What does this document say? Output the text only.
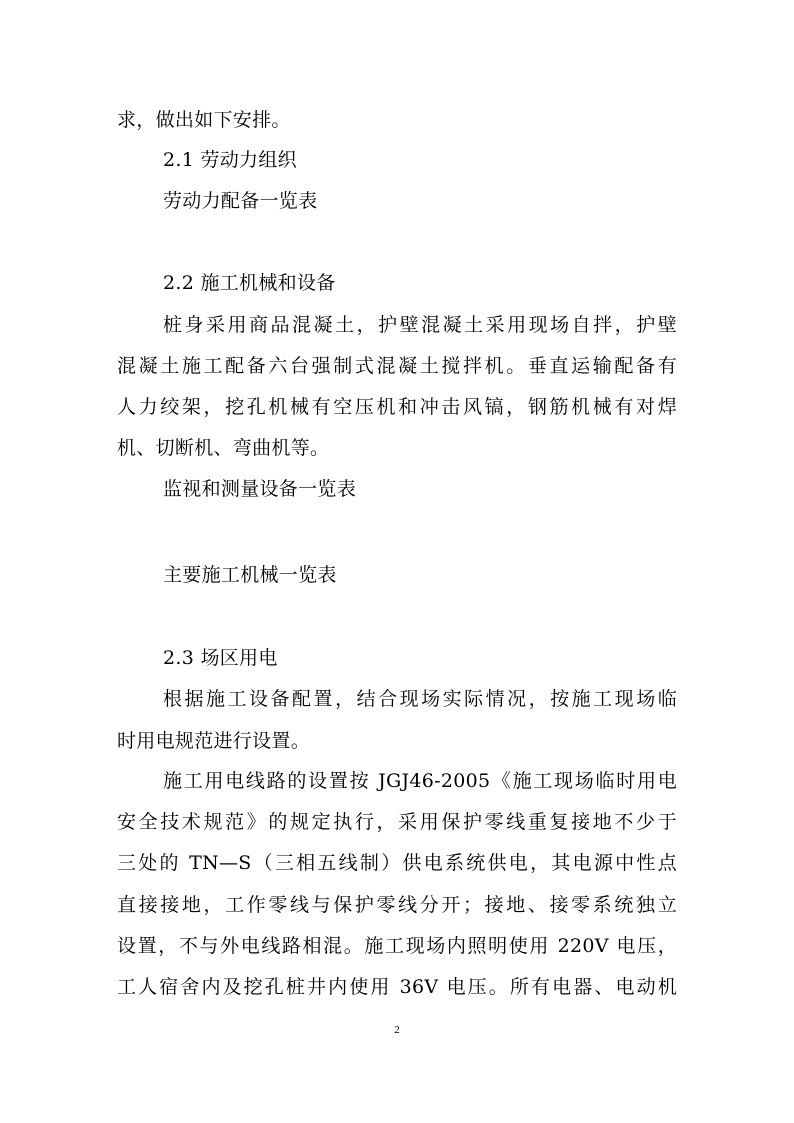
求，做出如下安排。
2.1 劳动力组织
劳动力配备一览表
2.2 施工机械和设备
桩身采用商品混凝土，护壁混凝土采用现场自拌，护壁
混凝土施工配备六台强制式混凝土搅拌机。垂直运输配备有
人力绞架，挖孔机械有空压机和冲击风镐，钢筋机械有对焊
机、切断机、弯曲机等。
监视和测量设备一览表
主要施工机械一览表
2.3 场区用电
根据施工设备配置，结合现场实际情况，按施工现场临
时用电规范进行设置。
施工用电线路的设置按 JGJ46-2005《施工现场临时用电
安全技术规范》的规定执行，采用保护零线重复接地不少于
三处的 TN—S（三相五线制）供电系统供电，其电源中性点
直接接地，工作零线与保护零线分开；接地、接零系统独立
设置，不与外电线路相混。施工现场内照明使用 220V 电压，
工人宿舍内及挖孔桩井内使用 36V 电压。所有电器、电动机
2
